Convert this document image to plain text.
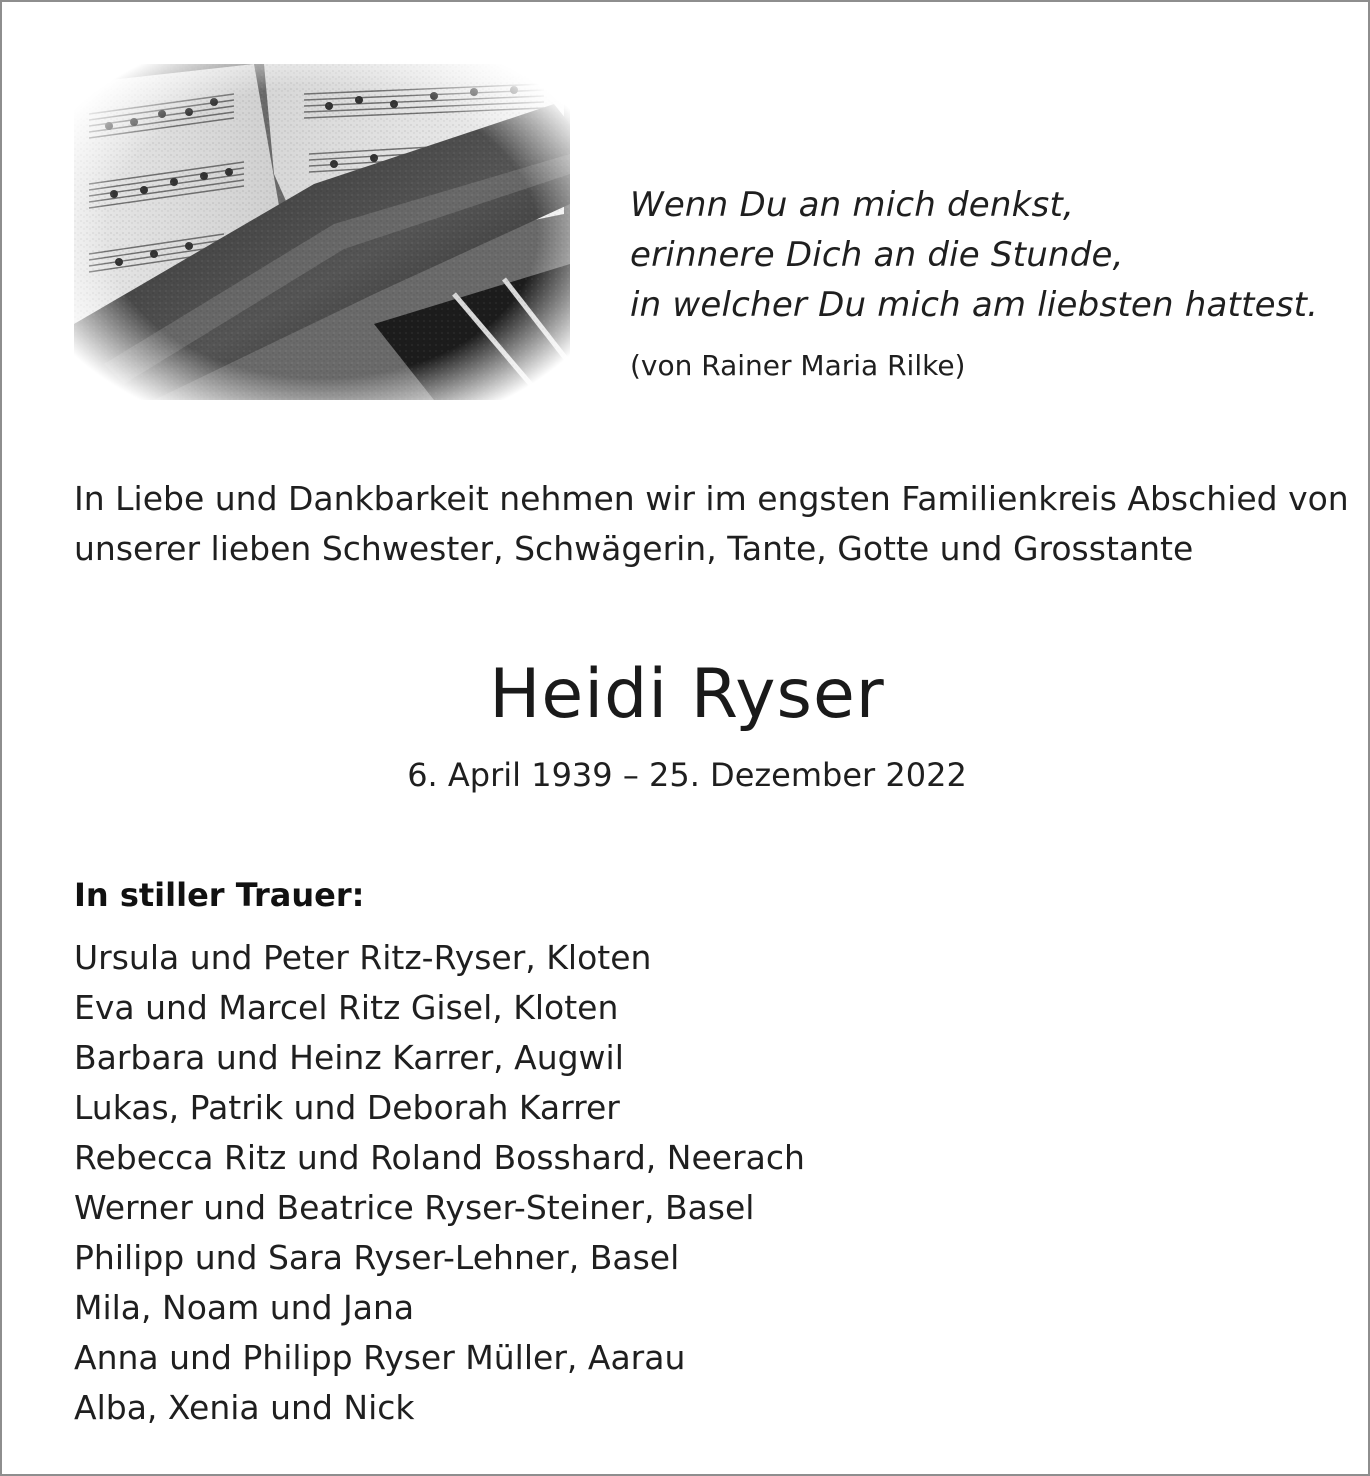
Wenn Du an mich denkst,
erinnere Dich an die Stunde,
in welcher Du mich am liebsten hattest.
(von Rainer Maria Rilke)
In Liebe und Dankbarkeit nehmen wir im engsten Familienkreis Abschied von
unserer lieben Schwester, Schwägerin, Tante, Gotte und Grosstante
Heidi Ryser
6. April 1939 – 25. Dezember 2022
In stiller Trauer:
Ursula und Peter Ritz-Ryser, Kloten
Eva und Marcel Ritz Gisel, Kloten
Barbara und Heinz Karrer, Augwil
Lukas, Patrik und Deborah Karrer
Rebecca Ritz und Roland Bosshard, Neerach
Werner und Beatrice Ryser-Steiner, Basel
Philipp und Sara Ryser-Lehner, Basel
Mila, Noam und Jana
Anna und Philipp Ryser Müller, Aarau
Alba, Xenia und Nick
